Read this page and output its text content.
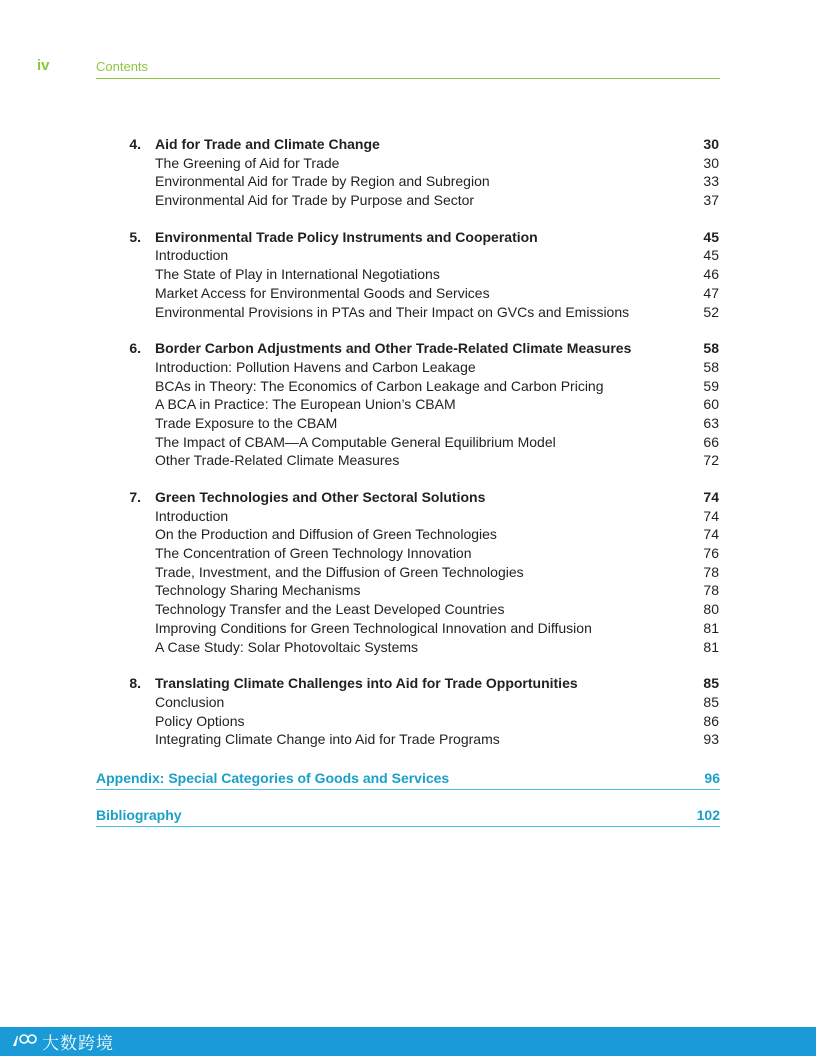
iv	Contents
4. Aid for Trade and Climate Change	30
The Greening of Aid for Trade	30
Environmental Aid for Trade by Region and Subregion	33
Environmental Aid for Trade by Purpose and Sector	37
5. Environmental Trade Policy Instruments and Cooperation	45
Introduction	45
The State of Play in International Negotiations	46
Market Access for Environmental Goods and Services	47
Environmental Provisions in PTAs and Their Impact on GVCs and Emissions	52
6. Border Carbon Adjustments and Other Trade-Related Climate Measures	58
Introduction: Pollution Havens and Carbon Leakage	58
BCAs in Theory: The Economics of Carbon Leakage and Carbon Pricing	59
A BCA in Practice: The European Union’s CBAM	60
Trade Exposure to the CBAM	63
The Impact of CBAM—A Computable General Equilibrium Model	66
Other Trade-Related Climate Measures	72
7. Green Technologies and Other Sectoral Solutions	74
Introduction	74
On the Production and Diffusion of Green Technologies	74
The Concentration of Green Technology Innovation	76
Trade, Investment, and the Diffusion of Green Technologies	78
Technology Sharing Mechanisms	78
Technology Transfer and the Least Developed Countries	80
Improving Conditions for Green Technological Innovation and Diffusion	81
A Case Study: Solar Photovoltaic Systems	81
8. Translating Climate Challenges into Aid for Trade Opportunities	85
Conclusion	85
Policy Options	86
Integrating Climate Change into Aid for Trade Programs	93
Appendix: Special Categories of Goods and Services	96
Bibliography	102
大数跨境
